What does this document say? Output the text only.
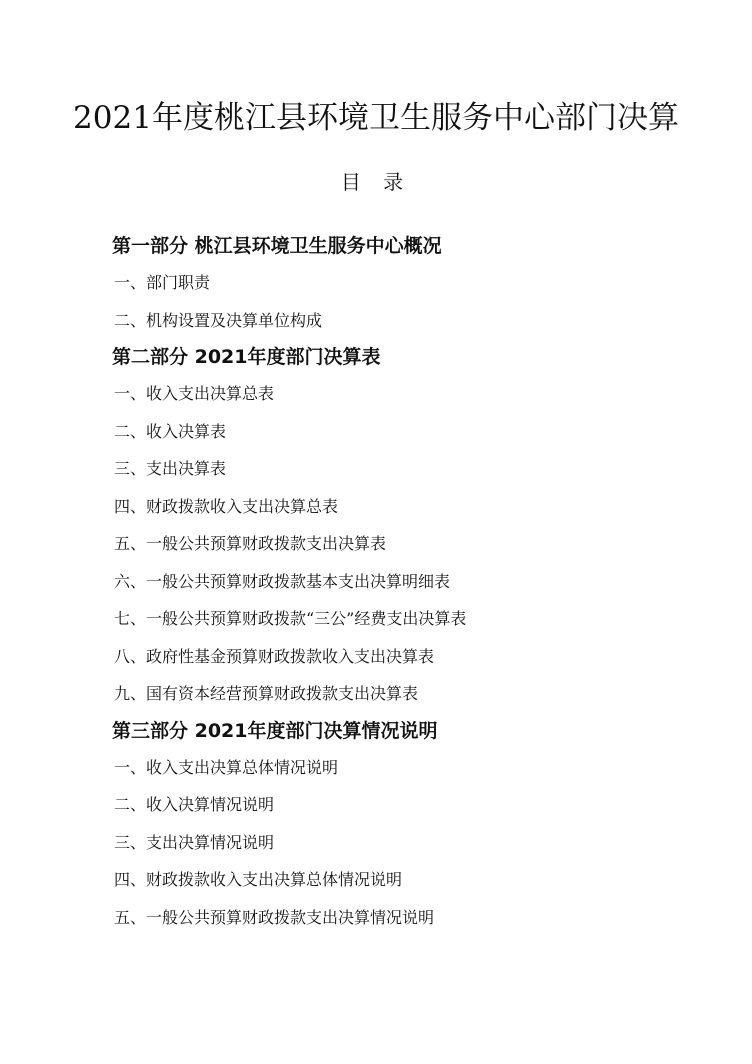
2021年度桃江县环境卫生服务中心部门决算
目 录
第一部分 桃江县环境卫生服务中心概况
一、部门职责
二、机构设置及决算单位构成
第二部分 2021年度部门决算表
一、收入支出决算总表
二、收入决算表
三、支出决算表
四、财政拨款收入支出决算总表
五、一般公共预算财政拨款支出决算表
六、一般公共预算财政拨款基本支出决算明细表
七、一般公共预算财政拨款“三公”经费支出决算表
八、政府性基金预算财政拨款收入支出决算表
九、国有资本经营预算财政拨款支出决算表
第三部分 2021年度部门决算情况说明
一、收入支出决算总体情况说明
二、收入决算情况说明
三、支出决算情况说明
四、财政拨款收入支出决算总体情况说明
五、一般公共预算财政拨款支出决算情况说明
